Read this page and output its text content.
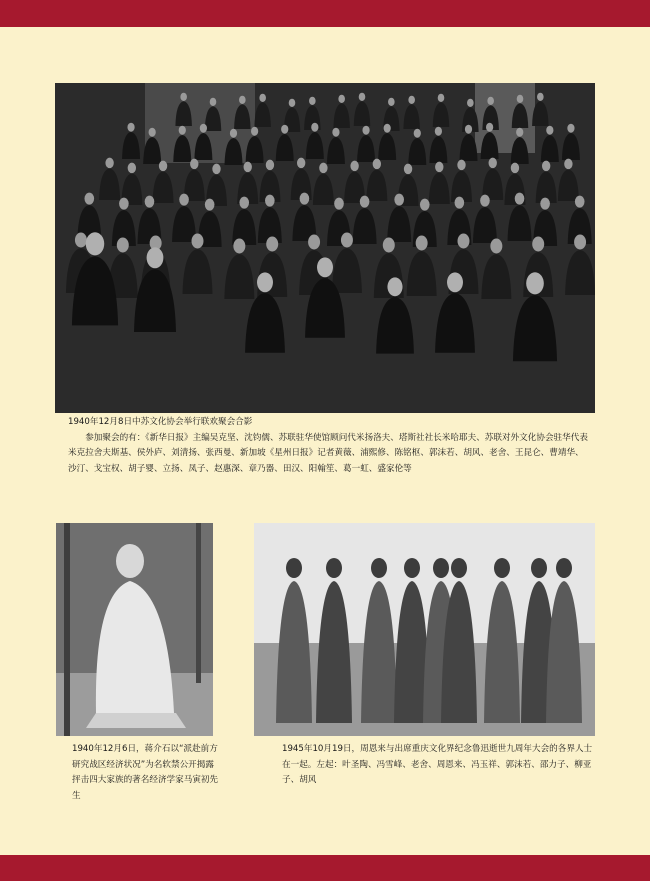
1940年12月8日中苏文化协会举行联欢聚会合影

参加聚会的有：《新华日报》主编吴克坚、沈钧儒、苏联驻华使馆顾问代米扬洛夫、塔斯社社长米哈耶夫、苏联对外文化协会驻华代表米克拉舍夫斯基、侯外庐、刘清扬、张西曼、新加坡《星州日报》记者黄薇、浦熙修、陈铭枢、郭沫若、胡风、老舍、王昆仑、曹靖华、沙汀、戈宝权、胡子婴、立扬、凤子、赵惠深、章乃器、田汉、阳翰笙、葛一虹、盛家伦等

1940年12月6日，蒋介石以“派赴前方研究战区经济状况”为名软禁公开揭露抨击四大家族的著名经济学家马寅初先生

1945年10月19日，周恩来与出席重庆文化界纪念鲁迅逝世九周年大会的各界人士在一起。左起：叶圣陶、冯雪峰、老舍、周恩来、冯玉祥、郭沫若、邵力子、柳亚子、胡风
